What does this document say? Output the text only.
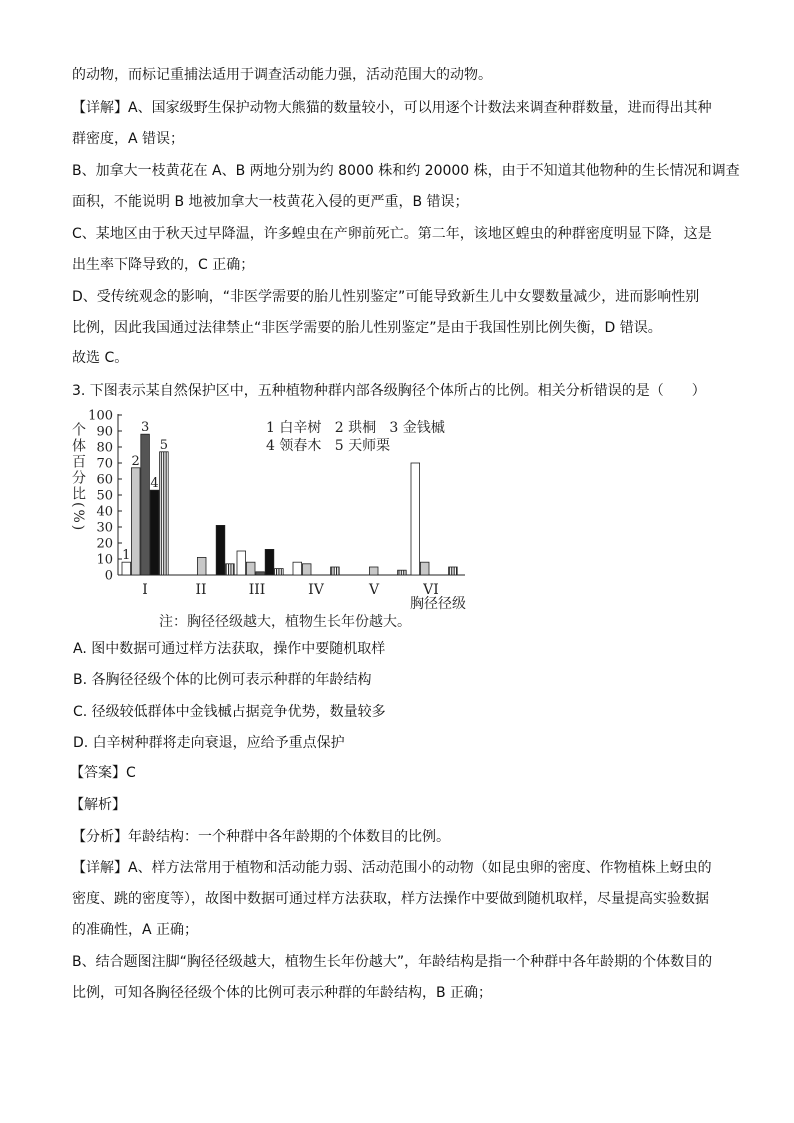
的动物，而标记重捕法适用于调查活动能力强，活动范围大的动物。
【详解】A、国家级野生保护动物大熊猫的数量较小，可以用逐个计数法来调查种群数量，进而得出其种
群密度，A 错误；
B、加拿大一枝黄花在 A、B 两地分别为约 8000 株和约 20000 株，由于不知道其他物种的生长情况和调查
面积，不能说明 B 地被加拿大一枝黄花入侵的更严重，B 错误；
C、某地区由于秋天过早降温，许多蝗虫在产卵前死亡。第二年，该地区蝗虫的种群密度明显下降，这是
出生率下降导致的，C 正确；
D、受传统观念的影响，“非医学需要的胎儿性别鉴定”可能导致新生儿中女婴数量减少，进而影响性别
比例，因此我国通过法律禁止“非医学需要的胎儿性别鉴定”是由于我国性别比例失衡，D 错误。
故选 C。
3. 下图表示某自然保护区中，五种植物种群内部各级胸径个体所占的比例。相关分析错误的是（　　）
0
10
20
30
40
50
60
70
80
90
100
I	II	III	IV	V	VI
1
2
3
4
5
个体百分比(%)
胸径径级
1 白辛树   2 珙桐   3 金钱槭
4 领春木   5 天师栗
注：胸径径级越大，植物生长年份越大。
A. 图中数据可通过样方法获取，操作中要随机取样
B. 各胸径径级个体的比例可表示种群的年龄结构
C. 径级较低群体中金钱槭占据竞争优势，数量较多
D. 白辛树种群将走向衰退，应给予重点保护
【答案】C
【解析】
【分析】年龄结构：一个种群中各年龄期的个体数目的比例。
【详解】A、样方法常用于植物和活动能力弱、活动范围小的动物（如昆虫卵的密度、作物植株上蚜虫的
密度、跳的密度等），故图中数据可通过样方法获取，样方法操作中要做到随机取样，尽量提高实验数据
的准确性，A 正确；
B、结合题图注脚“胸径径级越大，植物生长年份越大”，年龄结构是指一个种群中各年龄期的个体数目的
比例，可知各胸径径级个体的比例可表示种群的年龄结构，B 正确；
